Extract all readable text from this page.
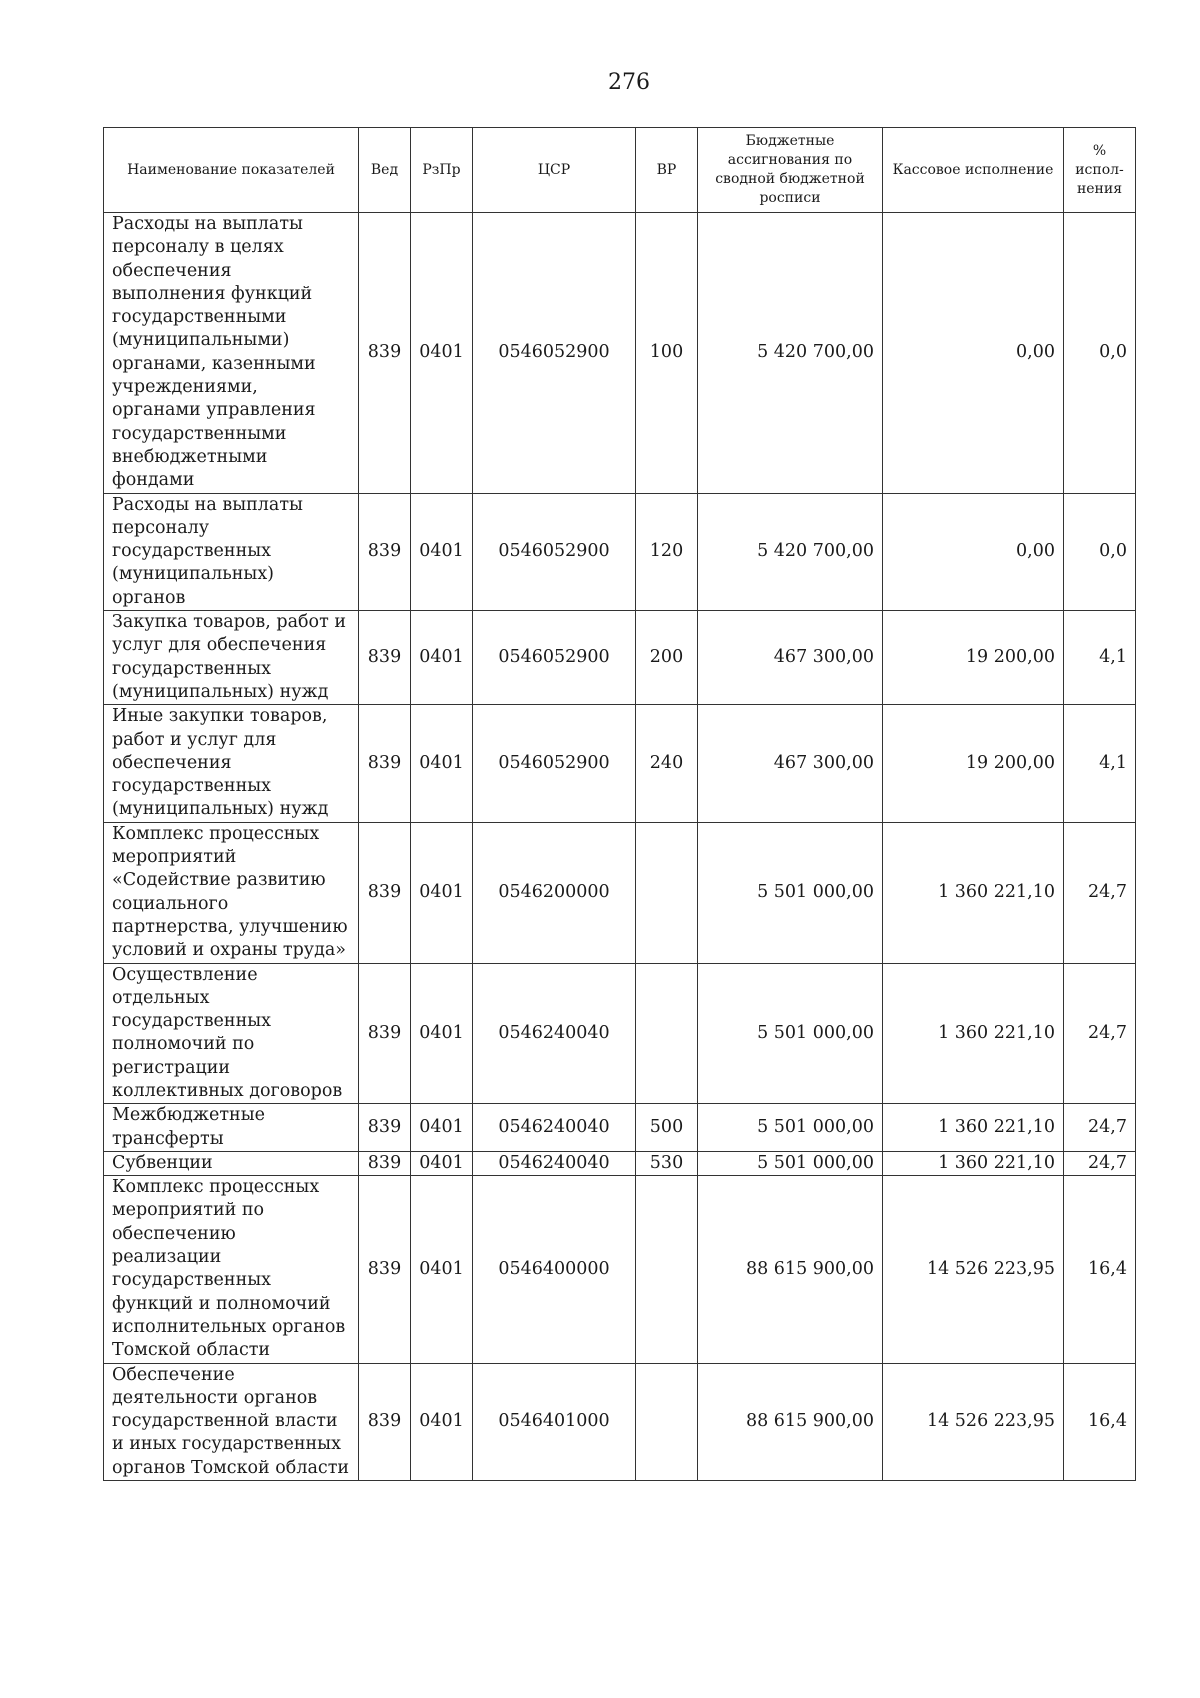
276
Наименование показателей	Вед	РзПр	ЦСР	ВР	Бюджетные ассигнования по сводной бюджетной росписи	Кассовое исполнение	% испол-нения
Расходы на выплаты персоналу в целях обеспечения выполнения функций государственными (муниципальными) органами, казенными учреждениями, органами управления государственными внебюджетными фондами	839	0401	0546052900	100	5 420 700,00	0,00	0,0
Расходы на выплаты персоналу государственных (муниципальных) органов	839	0401	0546052900	120	5 420 700,00	0,00	0,0
Закупка товаров, работ и услуг для обеспечения государственных (муниципальных) нужд	839	0401	0546052900	200	467 300,00	19 200,00	4,1
Иные закупки товаров, работ и услуг для обеспечения государственных (муниципальных) нужд	839	0401	0546052900	240	467 300,00	19 200,00	4,1
Комплекс процессных мероприятий «Содействие развитию социального партнерства, улучшению условий и охраны труда»	839	0401	0546200000		5 501 000,00	1 360 221,10	24,7
Осуществление отдельных государственных полномочий по регистрации коллективных договоров	839	0401	0546240040		5 501 000,00	1 360 221,10	24,7
Межбюджетные трансферты	839	0401	0546240040	500	5 501 000,00	1 360 221,10	24,7
Субвенции	839	0401	0546240040	530	5 501 000,00	1 360 221,10	24,7
Комплекс процессных мероприятий по обеспечению реализации государственных функций и полномочий исполнительных органов Томской области	839	0401	0546400000		88 615 900,00	14 526 223,95	16,4
Обеспечение деятельности органов государственной власти и иных государственных органов Томской области	839	0401	0546401000		88 615 900,00	14 526 223,95	16,4
